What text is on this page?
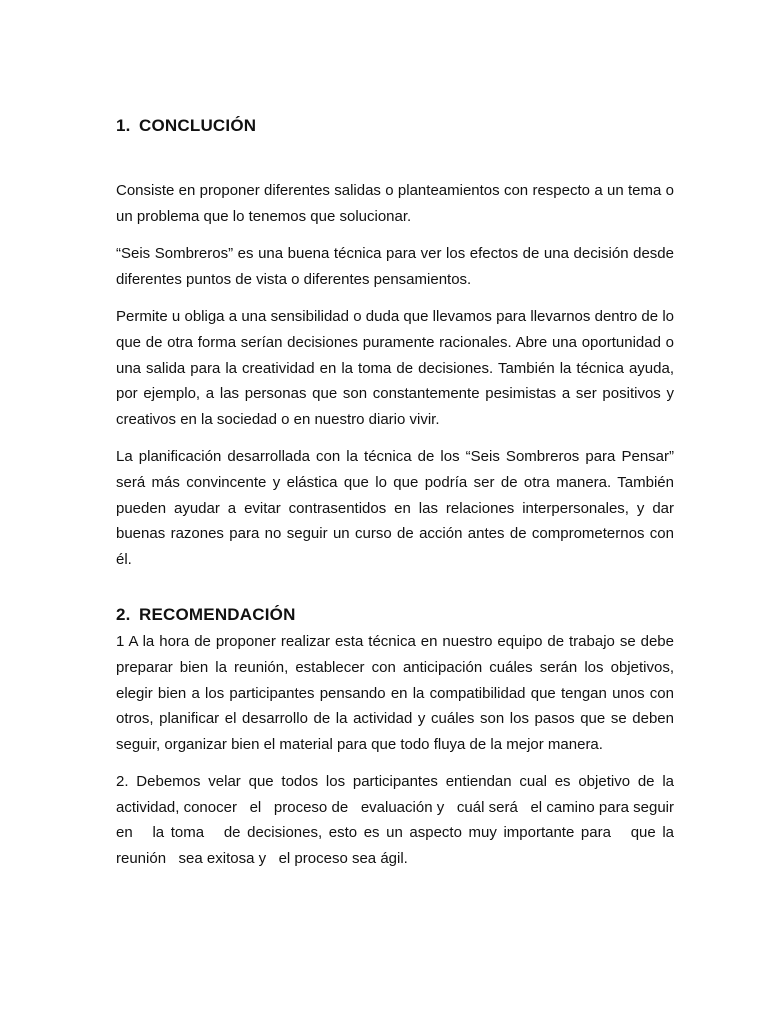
1. CONCLUCIÓN

Consiste en proponer diferentes salidas o planteamientos con respecto a un tema o un problema que lo tenemos que solucionar.

“Seis Sombreros” es una buena técnica para ver los efectos de una decisión desde diferentes puntos de vista o diferentes pensamientos.

Permite u obliga a una sensibilidad o duda que llevamos para llevarnos dentro de lo que de otra forma serían decisiones puramente racionales. Abre una oportunidad o una salida para la creatividad en la toma de decisiones. También la técnica ayuda, por ejemplo, a las personas que son constantemente pesimistas a ser positivos y creativos en la sociedad o en nuestro diario vivir.

La planificación desarrollada con la técnica de los “Seis Sombreros para Pensar” será más convincente y elástica que lo que podría ser de otra manera. También pueden ayudar a evitar contrasentidos en las relaciones interpersonales, y dar buenas razones para no seguir un curso de acción antes de comprometernos con él.

2. RECOMENDACIÓN

1 A la hora de proponer realizar esta técnica en nuestro equipo de trabajo se debe preparar bien la reunión, establecer con anticipación cuáles serán los objetivos, elegir bien a los participantes pensando en la compatibilidad que tengan unos con otros, planificar el desarrollo de la actividad y cuáles son los pasos que se deben seguir, organizar bien el material para que todo fluya de la mejor manera.

2. Debemos velar que todos los participantes entiendan cual es objetivo de la actividad, conocer   el   proceso de   evaluación y   cuál será   el camino para seguir en   la toma   de decisiones, esto es un aspecto muy importante para   que la reunión   sea exitosa y   el proceso sea ágil.
